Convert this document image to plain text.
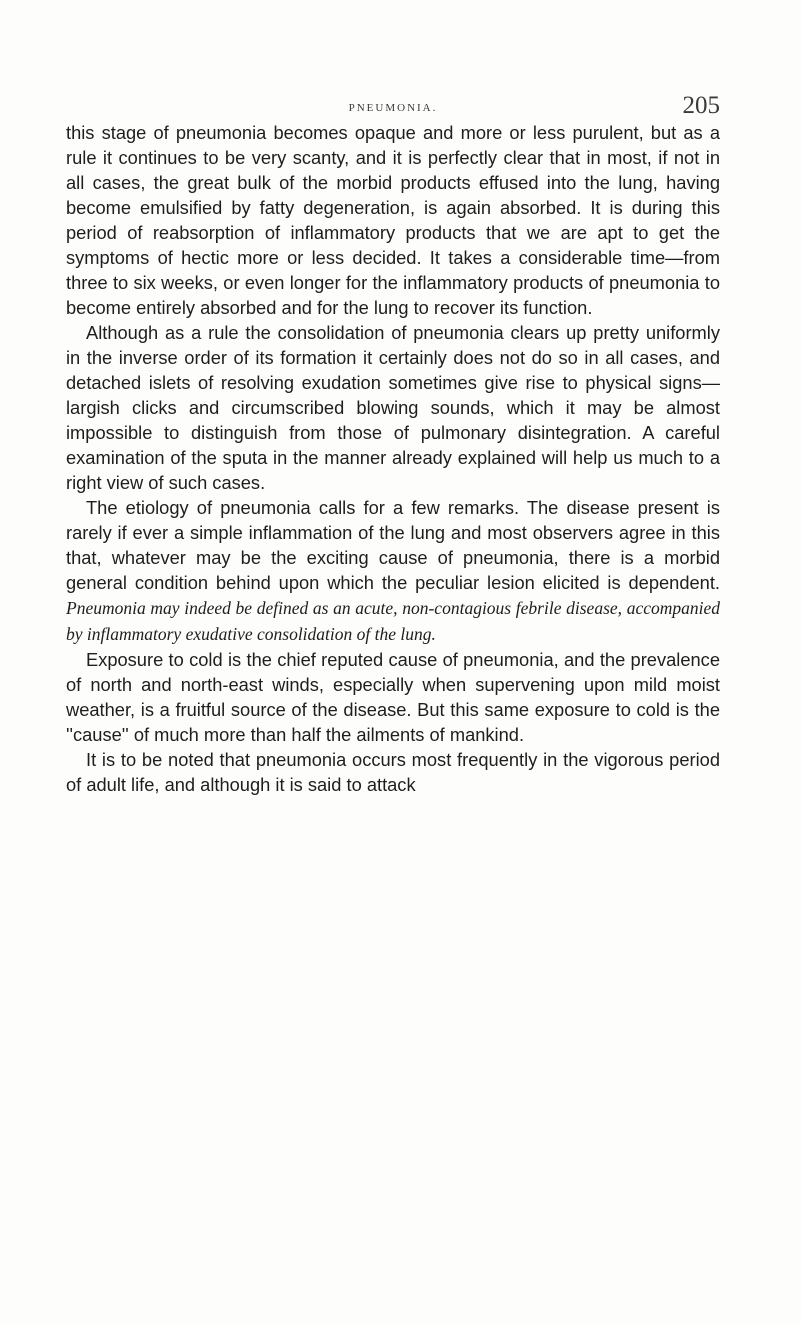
PNEUMONIA.	205

this stage of pneumonia becomes opaque and more or less purulent, but as a rule it continues to be very scanty, and it is perfectly clear that in most, if not in all cases, the great bulk of the morbid products effused into the lung, having become emulsified by fatty degeneration, is again absorbed. It is during this period of reabsorption of inflammatory products that we are apt to get the symptoms of hectic more or less decided. It takes a considerable time—from three to six weeks, or even longer for the inflammatory products of pneumonia to become entirely absorbed and for the lung to recover its function.

Although as a rule the consolidation of pneumonia clears up pretty uniformly in the inverse order of its formation it certainly does not do so in all cases, and detached islets of resolving exudation sometimes give rise to physical signs—largish clicks and circumscribed blowing sounds, which it may be almost impossible to distinguish from those of pulmonary disintegration. A careful examination of the sputa in the manner already explained will help us much to a right view of such cases.

The etiology of pneumonia calls for a few remarks. The disease present is rarely if ever a simple inflammation of the lung and most observers agree in this that, whatever may be the exciting cause of pneumonia, there is a morbid general condition behind upon which the peculiar lesion elicited is dependent. Pneumonia may indeed be defined as an acute, non-contagious febrile disease, accompanied by inflammatory exudative consolidation of the lung.

Exposure to cold is the chief reputed cause of pneumonia, and the prevalence of north and north-east winds, especially when supervening upon mild moist weather, is a fruitful source of the disease. But this same exposure to cold is the ''cause'' of much more than half the ailments of mankind.

It is to be noted that pneumonia occurs most frequently in the vigorous period of adult life, and although it is said to attack
